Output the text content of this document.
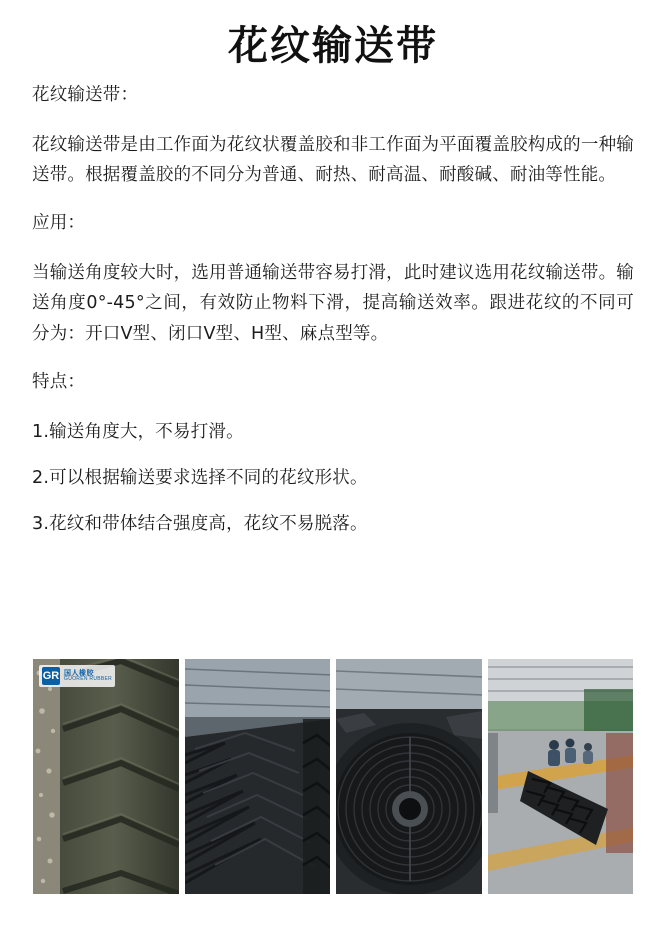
花纹输送带

花纹输送带：

花纹输送带是由工作面为花纹状覆盖胶和非工作面为平面覆盖胶构成的一种输送带。根据覆盖胶的不同分为普通、耐热、耐高温、耐酸碱、耐油等性能。

应用：

当输送角度较大时，选用普通输送带容易打滑，此时建议选用花纹输送带。输送角度0°-45°之间，有效防止物料下滑，提高输送效率。跟进花纹的不同可分为：开口V型、闭口V型、H型、麻点型等。

特点：

1.输送角度大，不易打滑。

2.可以根据输送要求选择不同的花纹形状。

3.花纹和带体结合强度高，花纹不易脱落。

GR 国人橡胶
GUOREN RUBBER
